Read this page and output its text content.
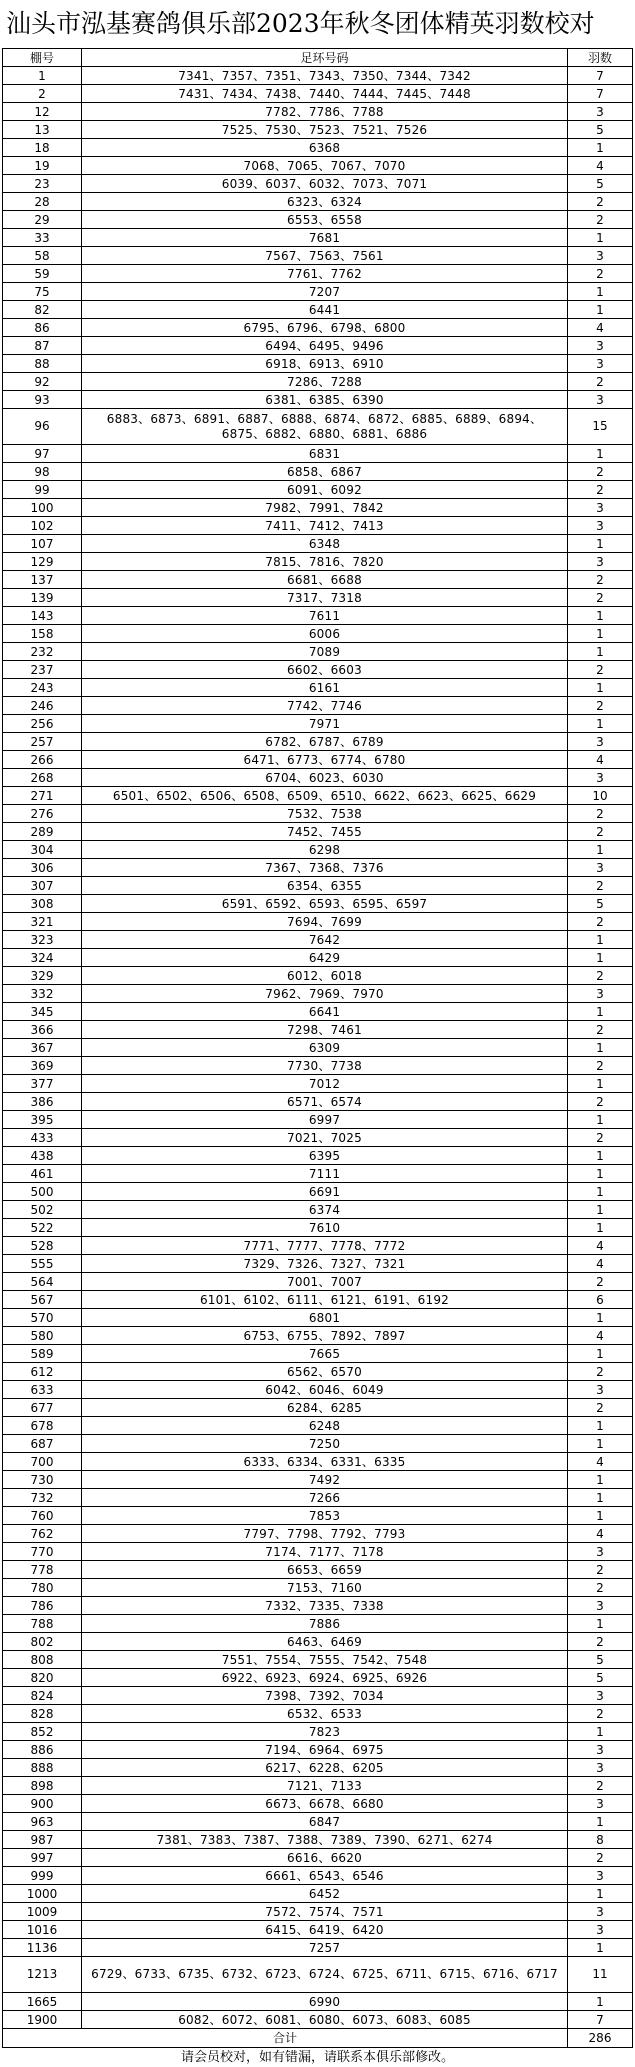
汕头市泓基赛鸽俱乐部2023年秋冬团体精英羽数校对
棚号	足环号码	羽数
1	7341、7357、7351、7343、7350、7344、7342	7
2	7431、7434、7438、7440、7444、7445、7448	7
12	7782、7786、7788	3
13	7525、7530、7523、7521、7526	5
18	6368	1
19	7068、7065、7067、7070	4
23	6039、6037、6032、7073、7071	5
28	6323、6324	2
29	6553、6558	2
33	7681	1
58	7567、7563、7561	3
59	7761、7762	2
75	7207	1
82	6441	1
86	6795、6796、6798、6800	4
87	6494、6495、9496	3
88	6918、6913、6910	3
92	7286、7288	2
93	6381、6385、6390	3
96	6883、6873、6891、6887、6888、6874、6872、6885、6889、6894、6875、6882、6880、6881、6886	15
97	6831	1
98	6858、6867	2
99	6091、6092	2
100	7982、7991、7842	3
102	7411、7412、7413	3
107	6348	1
129	7815、7816、7820	3
137	6681、6688	2
139	7317、7318	2
143	7611	1
158	6006	1
232	7089	1
237	6602、6603	2
243	6161	1
246	7742、7746	2
256	7971	1
257	6782、6787、6789	3
266	6471、6773、6774、6780	4
268	6704、6023、6030	3
271	6501、6502、6506、6508、6509、6510、6622、6623、6625、6629	10
276	7532、7538	2
289	7452、7455	2
304	6298	1
306	7367、7368、7376	3
307	6354、6355	2
308	6591、6592、6593、6595、6597	5
321	7694、7699	2
323	7642	1
324	6429	1
329	6012、6018	2
332	7962、7969、7970	3
345	6641	1
366	7298、7461	2
367	6309	1
369	7730、7738	2
377	7012	1
386	6571、6574	2
395	6997	1
433	7021、7025	2
438	6395	1
461	7111	1
500	6691	1
502	6374	1
522	7610	1
528	7771、7777、7778、7772	4
555	7329、7326、7327、7321	4
564	7001、7007	2
567	6101、6102、6111、6121、6191、6192	6
570	6801	1
580	6753、6755、7892、7897	4
589	7665	1
612	6562、6570	2
633	6042、6046、6049	3
677	6284、6285	2
678	6248	1
687	7250	1
700	6333、6334、6331、6335	4
730	7492	1
732	7266	1
760	7853	1
762	7797、7798、7792、7793	4
770	7174、7177、7178	3
778	6653、6659	2
780	7153、7160	2
786	7332、7335、7338	3
788	7886	1
802	6463、6469	2
808	7551、7554、7555、7542、7548	5
820	6922、6923、6924、6925、6926	5
824	7398、7392、7034	3
828	6532、6533	2
852	7823	1
886	7194、6964、6975	3
888	6217、6228、6205	3
898	7121、7133	2
900	6673、6678、6680	3
963	6847	1
987	7381、7383、7387、7388、7389、7390、6271、6274	8
997	6616、6620	2
999	6661、6543、6546	3
1000	6452	1
1009	7572、7574、7571	3
1016	6415、6419、6420	3
1136	7257	1
1213	6729、6733、6735、6732、6723、6724、6725、6711、6715、6716、6717	11
1665	6990	1
1900	6082、6072、6081、6080、6073、6083、6085	7
合计		286
请会员校对，如有错漏，请联系本俱乐部修改。
